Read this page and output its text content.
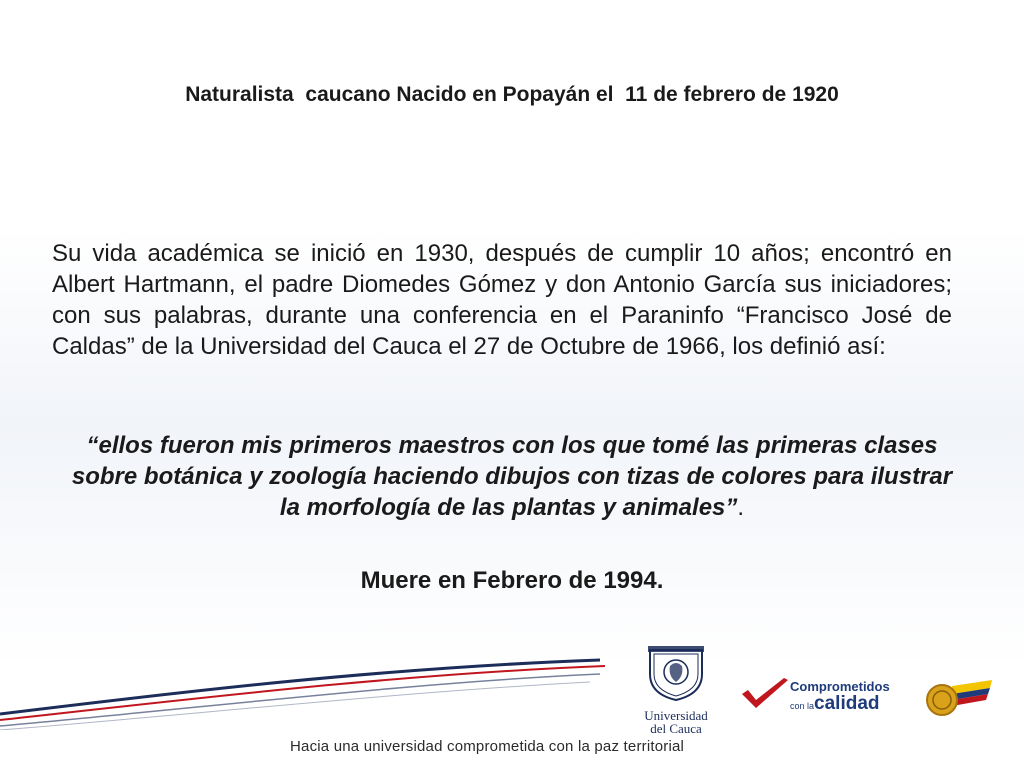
Naturalista  caucano Nacido en Popayán el  11 de febrero de 1920
Su vida académica se inició en 1930, después de cumplir 10 años; encontró en Albert Hartmann, el padre Diomedes Gómez y don Antonio García sus iniciadores; con sus palabras, durante una conferencia en el Paraninfo “Francisco José de Caldas” de la Universidad del Cauca el 27 de Octubre de 1966, los definió así:
“ellos fueron mis primeros maestros con los que tomé las primeras clases sobre botánica y zoología haciendo dibujos con tizas de colores para ilustrar la morfología de las plantas y animales”.
Muere en Febrero de 1994.
Universidad
del Cauca
Comprometidos
con lacalidad
Hacia una universidad comprometida con la paz territorial
